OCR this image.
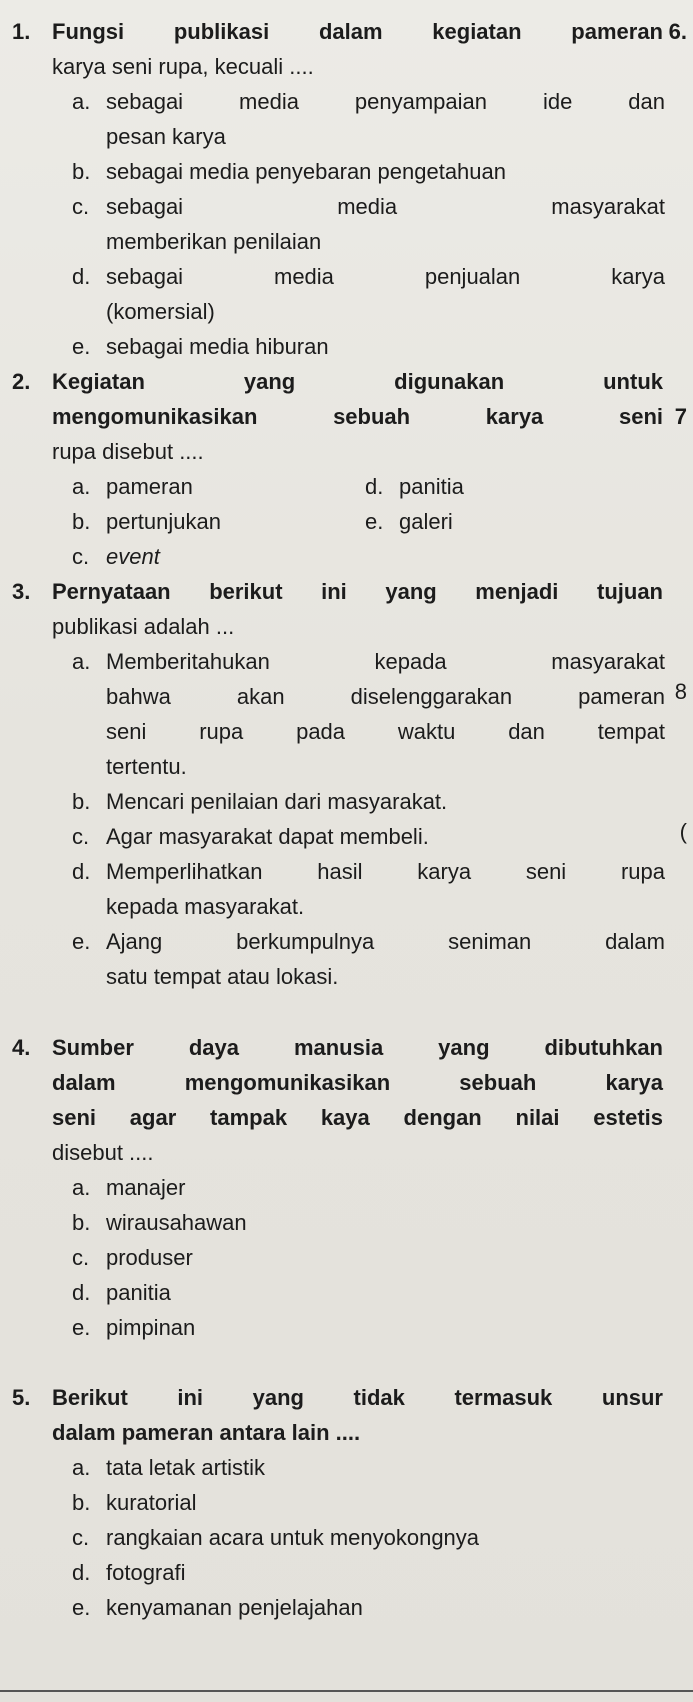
1. Fungsi publikasi dalam kegiatan pameran
karya seni rupa, kecuali ....
a. sebagai media penyampaian ide dan
pesan karya
b. sebagai media penyebaran pengetahuan
c. sebagai media masyarakat
memberikan penilaian
d. sebagai media penjualan karya
(komersial)
e. sebagai media hiburan
2. Kegiatan yang digunakan untuk
mengomunikasikan sebuah karya seni
rupa disebut ....
a. pameran	d. panitia
b. pertunjukan	e. galeri
c. event
3. Pernyataan berikut ini yang menjadi tujuan
publikasi adalah ...
a. Memberitahukan kepada masyarakat
bahwa akan diselenggarakan pameran
seni rupa pada waktu dan tempat
tertentu.
b. Mencari penilaian dari masyarakat.
c. Agar masyarakat dapat membeli.
d. Memperlihatkan hasil karya seni rupa
kepada masyarakat.
e. Ajang berkumpulnya seniman dalam
satu tempat atau lokasi.
4. Sumber daya manusia yang dibutuhkan
dalam mengomunikasikan sebuah karya
seni agar tampak kaya dengan nilai estetis
disebut ....
a. manajer
b. wirausahawan
c. produser
d. panitia
e. pimpinan
5. Berikut ini yang tidak termasuk unsur
dalam pameran antara lain ....
a. tata letak artistik
b. kuratorial
c. rangkaian acara untuk menyokongnya
d. fotografi
e. kenyamanan penjelajahan
6.
7
8
(
